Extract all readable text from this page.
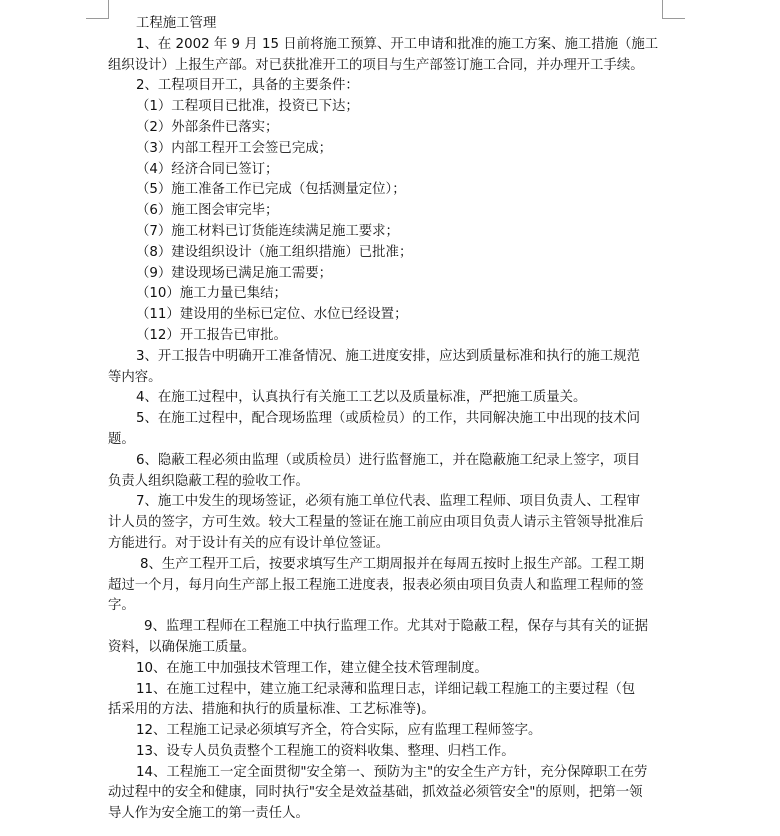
工程施工管理
1、在 2002 年 9 月 15 日前将施工预算、开工申请和批准的施工方案、施工措施（施工
组织设计）上报生产部。对已获批准开工的项目与生产部签订施工合同，并办理开工手续。
2、工程项目开工，具备的主要条件：
（1）工程项目已批准，投资已下达；
（2）外部条件已落实；
（3）内部工程开工会签已完成；
（4）经济合同已签订；
（5）施工准备工作已完成（包括测量定位）；
（6）施工图会审完毕；
（7）施工材料已订货能连续满足施工要求；
（8）建设组织设计（施工组织措施）已批准；
（9）建设现场已满足施工需要；
（10）施工力量已集结；
（11）建设用的坐标已定位、水位已经设置；
（12）开工报告已审批。
3、开工报告中明确开工准备情况、施工进度安排，应达到质量标准和执行的施工规范
等内容。
4、在施工过程中，认真执行有关施工工艺以及质量标准，严把施工质量关。
5、在施工过程中，配合现场监理（或质检员）的工作，共同解决施工中出现的技术问
题。
6、隐蔽工程必须由监理（或质检员）进行监督施工，并在隐蔽施工纪录上签字，项目
负责人组织隐蔽工程的验收工作。
7、施工中发生的现场签证，必须有施工单位代表、监理工程师、项目负责人、工程审
计人员的签字，方可生效。较大工程量的签证在施工前应由项目负责人请示主管领导批准后
方能进行。对于设计有关的应有设计单位签证。
8、生产工程开工后，按要求填写生产工期周报并在每周五按时上报生产部。工程工期
超过一个月，每月向生产部上报工程施工进度表，报表必须由项目负责人和监理工程师的签
字。
9、监理工程师在工程施工中执行监理工作。尤其对于隐蔽工程，保存与其有关的证据
资料，以确保施工质量。
10、在施工中加强技术管理工作，建立健全技术管理制度。
11、在施工过程中，建立施工纪录薄和监理日志，详细记载工程施工的主要过程（包
括采用的方法、措施和执行的质量标准、工艺标准等)。
12、工程施工记录必须填写齐全，符合实际，应有监理工程师签字。
13、设专人员负责整个工程施工的资料收集、整理、归档工作。
14、工程施工一定全面贯彻"安全第一、预防为主"的安全生产方针，充分保障职工在劳
动过程中的安全和健康，同时执行"安全是效益基础，抓效益必须管安全"的原则，把第一领
导人作为安全施工的第一责任人。
